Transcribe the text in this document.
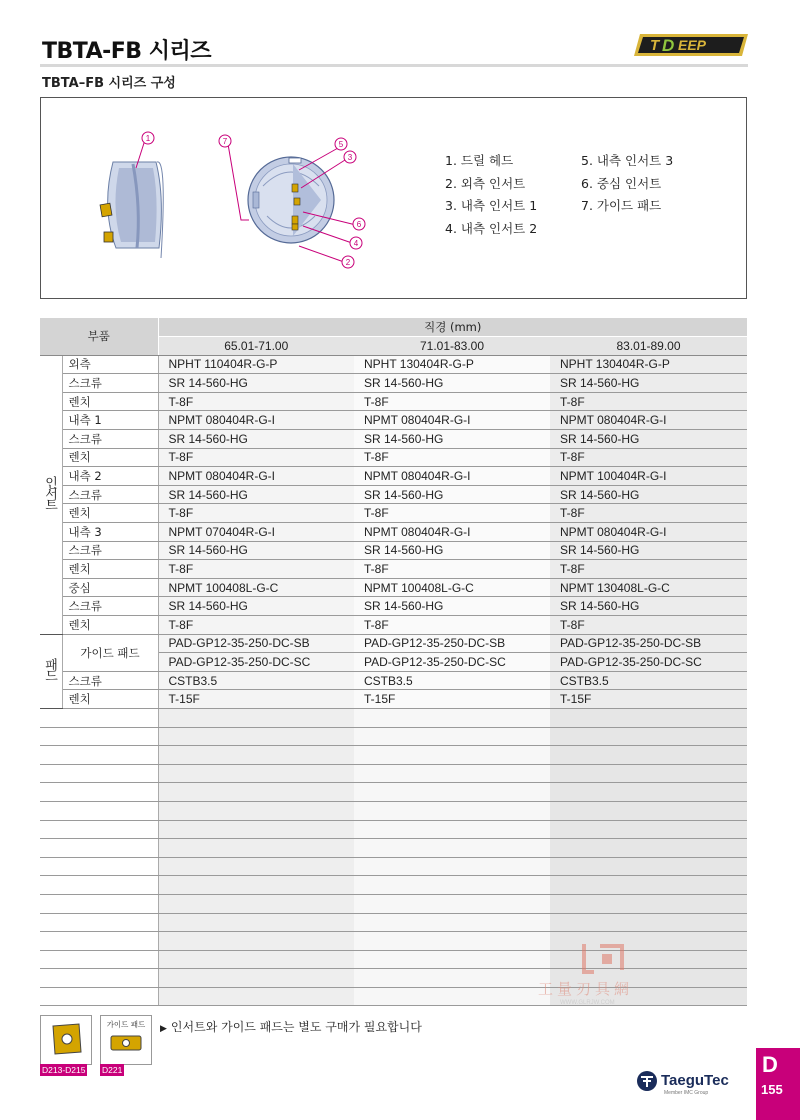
TBTA-FB 시리즈	T D EEP
TBTA–FB 시리즈 구성
1	7	5
3
6
4
2
1. 드릴 헤드
2. 외측 인서트
3. 내측 인서트 1
4. 내측 인서트 2
5. 내측 인서트 3
6. 중심 인서트
7. 가이드 패드
부품		직경 (mm)		
		65.01-71.00	71.01-83.00	83.01-89.00
인서트	외측	NPHT 110404R-G-P	NPHT 130404R-G-P	NPHT 130404R-G-P
	스크류	SR 14-560-HG	SR 14-560-HG	SR 14-560-HG
	렌치	T-8F	T-8F	T-8F
	내측 1	NPMT 080404R-G-I	NPMT 080404R-G-I	NPMT 080404R-G-I
	스크류	SR 14-560-HG	SR 14-560-HG	SR 14-560-HG
	렌치	T-8F	T-8F	T-8F
	내측 2	NPMT 080404R-G-I	NPMT 080404R-G-I	NPMT 100404R-G-I
	스크류	SR 14-560-HG	SR 14-560-HG	SR 14-560-HG
	렌치	T-8F	T-8F	T-8F
	내측 3	NPMT 070404R-G-I	NPMT 080404R-G-I	NPMT 080404R-G-I
	스크류	SR 14-560-HG	SR 14-560-HG	SR 14-560-HG
	렌치	T-8F	T-8F	T-8F
	중심	NPMT 100408L-G-C	NPMT 100408L-G-C	NPMT 130408L-G-C
	스크류	SR 14-560-HG	SR 14-560-HG	SR 14-560-HG
	렌치	T-8F	T-8F	T-8F
패드	가이드 패드	PAD-GP12-35-250-DC-SB	PAD-GP12-35-250-DC-SB	PAD-GP12-35-250-DC-SB
		PAD-GP12-35-250-DC-SC	PAD-GP12-35-250-DC-SC	PAD-GP12-35-250-DC-SC
	스크류	CSTB3.5	CSTB3.5	CSTB3.5
	렌치	T-15F	T-15F	T-15F

D213-D215
가이드 패드
D221
▶ 인서트와 가이드 패드는 별도 구매가 필요합니다
工量刃具網
WWW.GLRJW.COM
TaeguTec
Member IMC Group
D
155
